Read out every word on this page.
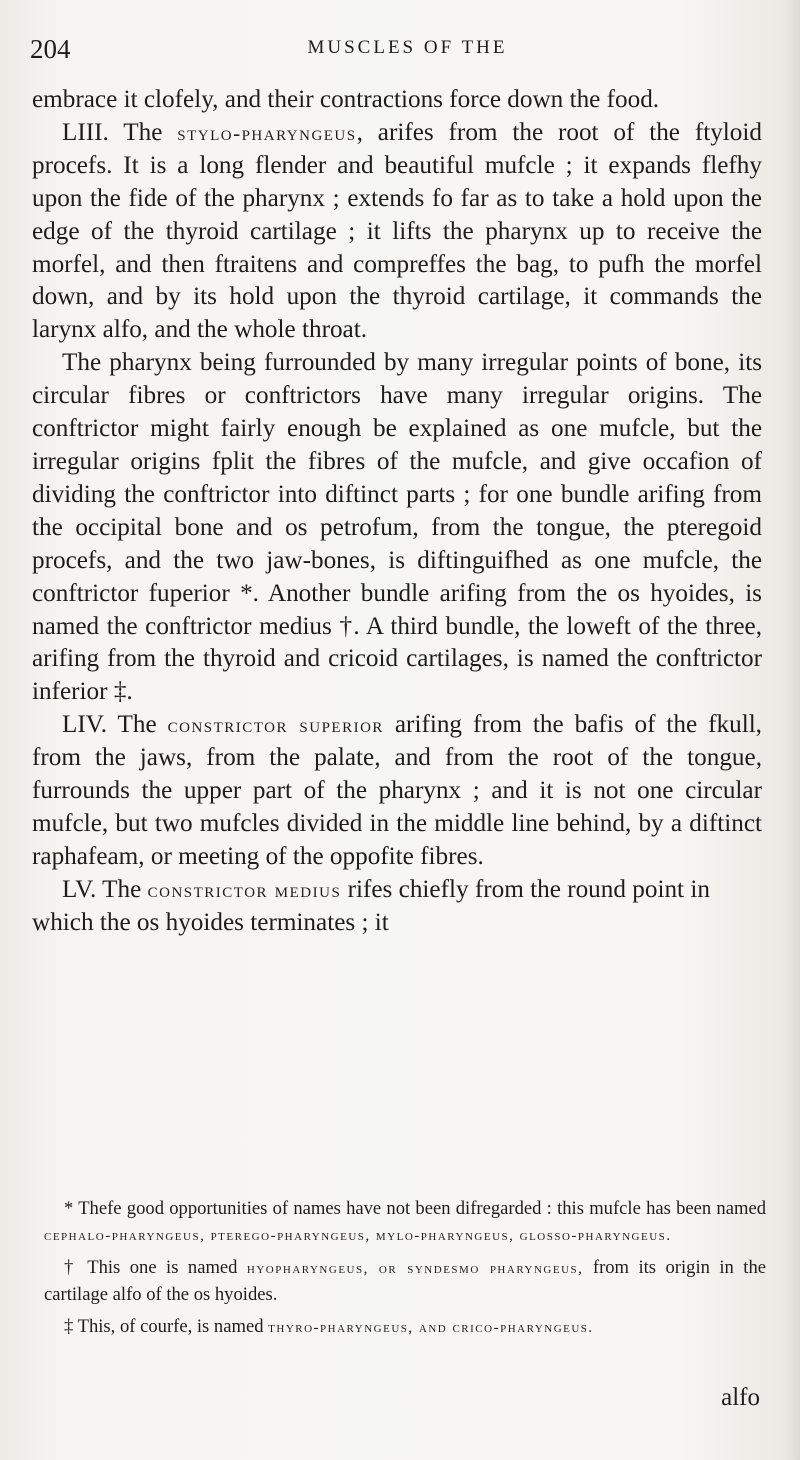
204	MUSCLES OF THE

embrace it clofely, and their contractions force down the food.

LIII. The stylo-pharyngeus, arifes from the root of the ftyloid procefs. It is a long flender and beautiful mufcle ; it expands flefhy upon the fide of the pharynx ; extends fo far as to take a hold upon the edge of the thyroid cartilage ; it lifts the pharynx up to receive the morfel, and then ftraitens and compreffes the bag, to pufh the morfel down, and by its hold upon the thyroid cartilage, it commands the larynx alfo, and the whole throat.

The pharynx being furrounded by many irregular points of bone, its circular fibres or conftrictors have many irregular origins. The conftrictor might fairly enough be explained as one mufcle, but the irregular origins fplit the fibres of the mufcle, and give occafion of dividing the conftrictor into diftinct parts ; for one bundle arifing from the occipital bone and os petrofum, from the tongue, the pteregoid procefs, and the two jaw-bones, is diftinguifhed as one mufcle, the conftrictor fuperior *. Another bundle arifing from the os hyoides, is named the conftrictor medius †. A third bundle, the loweft of the three, arifing from the thyroid and cricoid cartilages, is named the conftrictor inferior ‡.

LIV. The constrictor superior arifing from the bafis of the fkull, from the jaws, from the palate, and from the root of the tongue, furrounds the upper part of the pharynx ; and it is not one circular mufcle, but two mufcles divided in the middle line behind, by a diftinct raphafeam, or meeting of the oppofite fibres.

LV. The constrictor medius rifes chiefly from the round point in which the os hyoides terminates ; it

* Thefe good opportunities of names have not been difregarded : this mufcle has been named cephalo-pharyngeus, pterego-pharyngeus, mylo-pharyngeus, glosso-pharyngeus.

† This one is named hyopharyngeus, or syndesmo pharyngeus, from its origin in the cartilage alfo of the os hyoides.

‡ This, of courfe, is named thyro-pharyngeus, and crico-pharyngeus.

alfo
